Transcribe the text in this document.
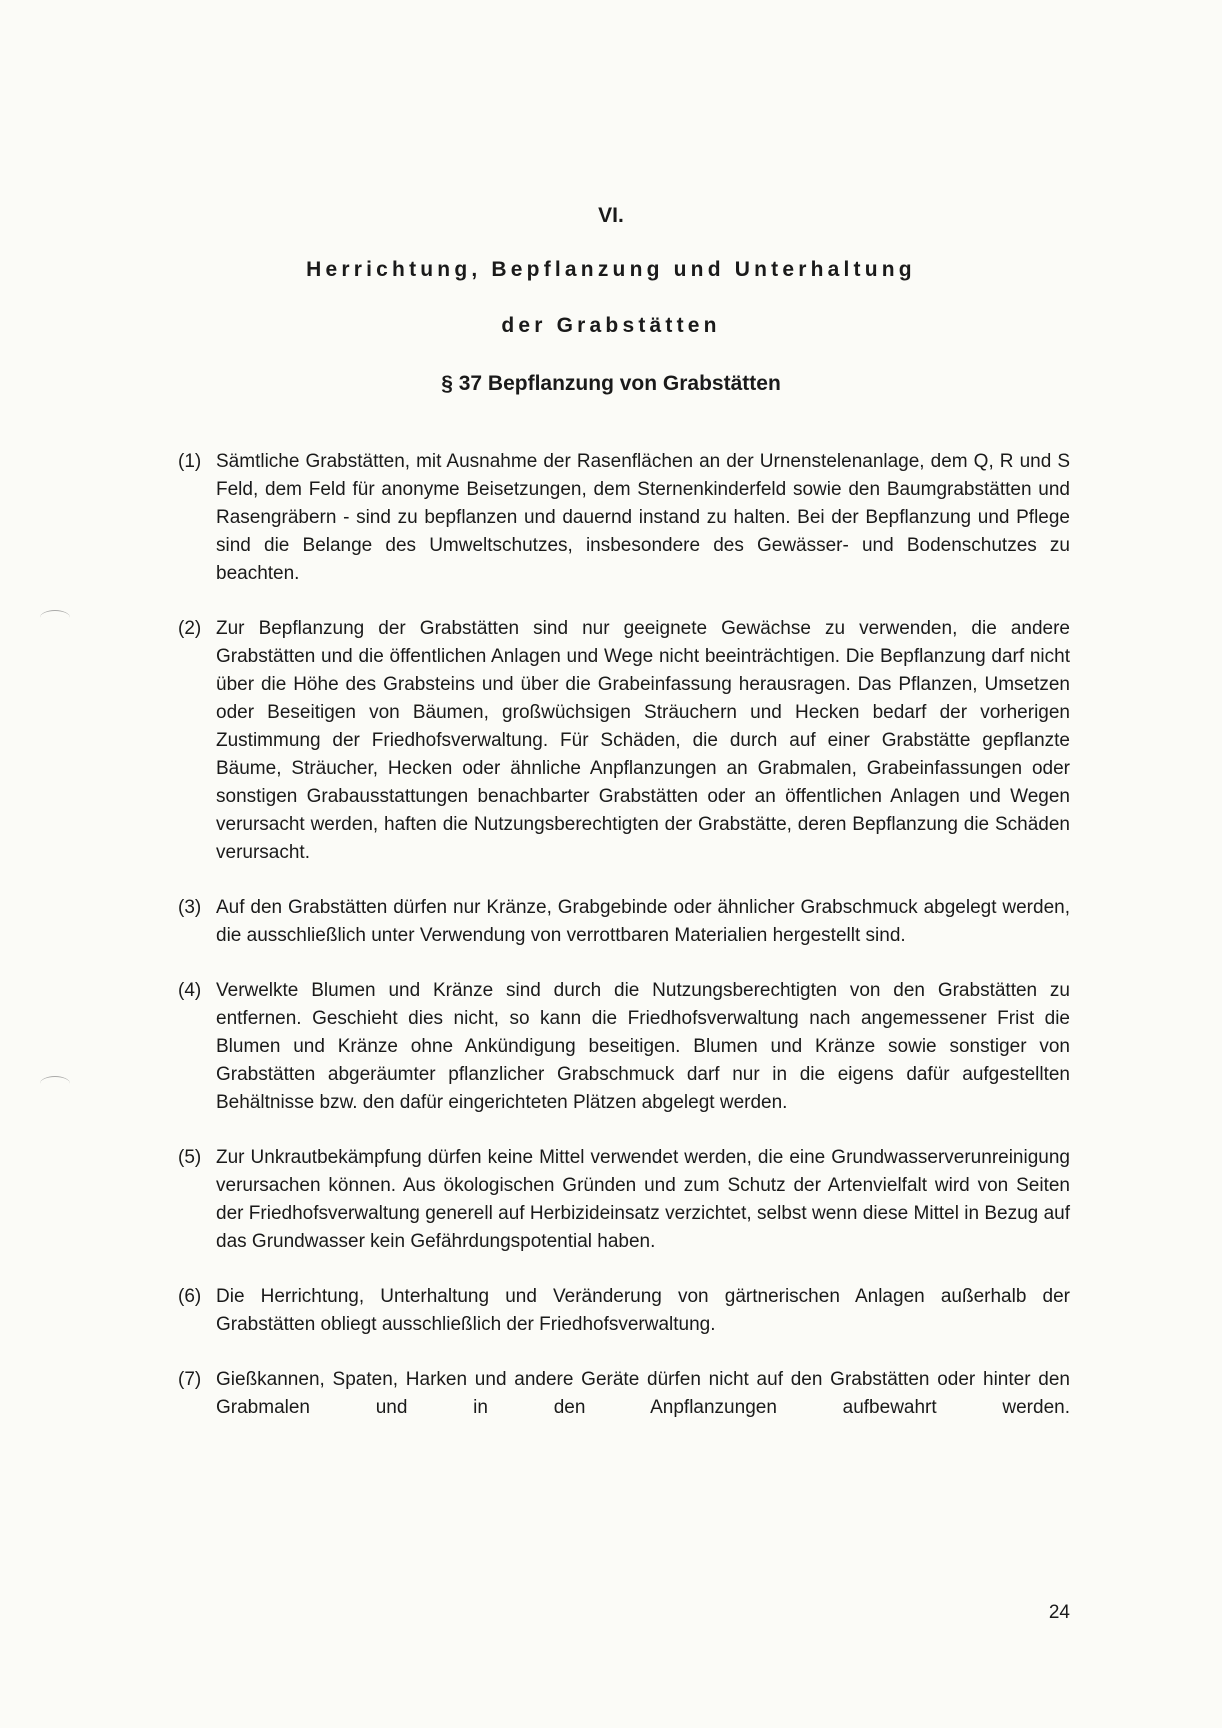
VI.
Herrichtung, Bepflanzung und Unterhaltung
der Grabstätten
§ 37 Bepflanzung von Grabstätten
(1) Sämtliche Grabstätten, mit Ausnahme der Rasenflächen an der Urnenstelenanlage, dem Q, R und S Feld, dem Feld für anonyme Beisetzungen, dem Sternenkinderfeld sowie den Baumgrabstätten und Rasengräbern - sind zu bepflanzen und dauernd instand zu halten. Bei der Bepflanzung und Pflege sind die Belange des Umweltschutzes, insbesondere des Gewässer- und Bodenschutzes zu beachten.
(2) Zur Bepflanzung der Grabstätten sind nur geeignete Gewächse zu verwenden, die andere Grabstätten und die öffentlichen Anlagen und Wege nicht beeinträchtigen. Die Bepflanzung darf nicht über die Höhe des Grabsteins und über die Grabeinfassung herausragen. Das Pflanzen, Umsetzen oder Beseitigen von Bäumen, großwüchsigen Sträuchern und Hecken bedarf der vorherigen Zustimmung der Friedhofsverwaltung. Für Schäden, die durch auf einer Grabstätte gepflanzte Bäume, Sträucher, Hecken oder ähnliche Anpflanzungen an Grabmalen, Grabeinfassungen oder sonstigen Grabausstattungen benachbarter Grabstätten oder an öffentlichen Anlagen und Wegen verursacht werden, haften die Nutzungsberechtigten der Grabstätte, deren Bepflanzung die Schäden verursacht.
(3) Auf den Grabstätten dürfen nur Kränze, Grabgebinde oder ähnlicher Grabschmuck abgelegt werden, die ausschließlich unter Verwendung von verrottbaren Materialien hergestellt sind.
(4) Verwelkte Blumen und Kränze sind durch die Nutzungsberechtigten von den Grabstätten zu entfernen. Geschieht dies nicht, so kann die Friedhofsverwaltung nach angemessener Frist die Blumen und Kränze ohne Ankündigung beseitigen. Blumen und Kränze sowie sonstiger von Grabstätten abgeräumter pflanzlicher Grabschmuck darf nur in die eigens dafür aufgestellten Behältnisse bzw. den dafür eingerichteten Plätzen abgelegt werden.
(5) Zur Unkrautbekämpfung dürfen keine Mittel verwendet werden, die eine Grundwasserverunreinigung verursachen können. Aus ökologischen Gründen und zum Schutz der Artenvielfalt wird von Seiten der Friedhofsverwaltung generell auf Herbizideinsatz verzichtet, selbst wenn diese Mittel in Bezug auf das Grundwasser kein Gefährdungspotential haben.
(6) Die Herrichtung, Unterhaltung und Veränderung von gärtnerischen Anlagen außerhalb der Grabstätten obliegt ausschließlich der Friedhofsverwaltung.
(7) Gießkannen, Spaten, Harken und andere Geräte dürfen nicht auf den Grabstätten oder hinter den Grabmalen und in den Anpflanzungen aufbewahrt werden.
24
